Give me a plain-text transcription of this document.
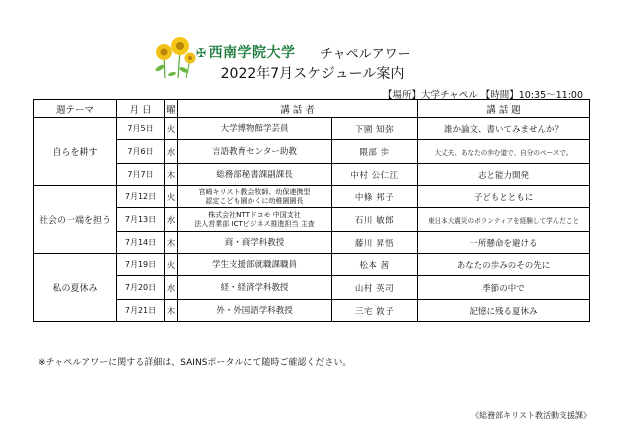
✠ 西南学院大学 チャペルアワー
2022年7月スケジュール案内
【場所】大学チャペル 【時間】10:35～11:00
週テーマ	月 日	曜	講 話 者		講 話 題
自らを耕す	7月5日	火	大学博物館学芸員	下園 知弥	誰か論文、書いてみませんか？
	7月6日	水	言語教育センター助教	隈部 歩	大丈夫、あなたの歩む道で、自分のペースで。
	7月7日	木	総務部秘書課副課長	中村 公仁江	志と能力開発
社会の一端を担う	7月12日	火	宮崎キリスト教会牧師、幼保連携型
認定こども園かくに幼稚園園長	中條 邦子	子どもとともに
	7月13日	水	株式会社NTTドコモ 中国支社
法人営業部 ICTビジネス推進担当 主査	石川 敏郎	東日本大震災のボランティアを経験して学んだこと
	7月14日	木	商・商学科教授	藤川 昇悟	一所懸命を避ける
私の夏休み	7月19日	火	学生支援部就職課職員	松本 茜	あなたの歩みのその先に
	7月20日	水	経・経済学科教授	山村 英司	季節の中で
	7月21日	木	外・外国語学科教授	三宅 敦子	記憶に残る夏休み
※チャペルアワーに関する詳細は、SAINSポータルにて随時ご確認ください。
《総務部キリスト教活動支援課》
